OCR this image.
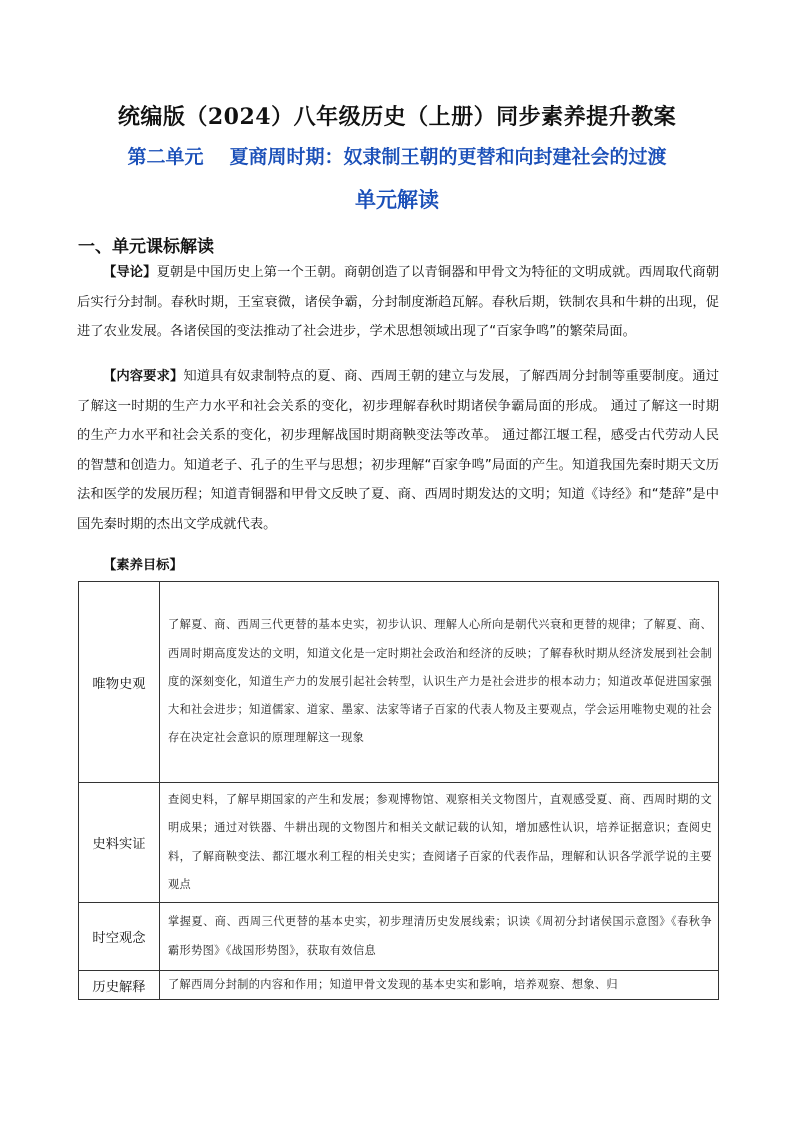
统编版（2024）八年级历史（上册）同步素养提升教案
第二单元 夏商周时期：奴隶制王朝的更替和向封建社会的过渡
单元解读
一、单元课标解读
【导论】夏朝是中国历史上第一个王朝。商朝创造了以青铜器和甲骨文为特征的文明成就。西周取代商朝后实行分封制。春秋时期，王室衰微，诸侯争霸，分封制度渐趋瓦解。春秋后期，铁制农具和牛耕的出现，促进了农业发展。各诸侯国的变法推动了社会进步，学术思想领域出现了“百家争鸣”的繁荣局面。
【内容要求】知道具有奴隶制特点的夏、商、西周王朝的建立与发展，了解西周分封制等重要制度。通过了解这一时期的生产力水平和社会关系的变化，初步理解春秋时期诸侯争霸局面的形成。 通过了解这一时期的生产力水平和社会关系的变化，初步理解战国时期商鞅变法等改革。 通过都江堰工程，感受古代劳动人民的智慧和创造力。知道老子、孔子的生平与思想；初步理解“百家争鸣”局面的产生。知道我国先秦时期天文历法和医学的发展历程；知道青铜器和甲骨文反映了夏、商、西周时期发达的文明；知道《诗经》和“楚辞”是中国先秦时期的杰出文学成就代表。
【素养目标】
唯物史观	了解夏、商、西周三代更替的基本史实，初步认识、理解人心所向是朝代兴衰和更替的规律；了解夏、商、西周时期高度发达的文明，知道文化是一定时期社会政治和经济的反映；了解春秋时期从经济发展到社会制度的深刻变化，知道生产力的发展引起社会转型，认识生产力是社会进步的根本动力；知道改革促进国家强大和社会进步；知道儒家、道家、墨家、法家等诸子百家的代表人物及主要观点，学会运用唯物史观的社会存在决定社会意识的原理理解这一现象
史料实证	查阅史料，了解早期国家的产生和发展；参观博物馆、观察相关文物图片，直观感受夏、商、西周时期的文明成果；通过对铁器、牛耕出现的文物图片和相关文献记载的认知，增加感性认识，培养证据意识；查阅史料，了解商鞅变法、都江堰水利工程的相关史实；查阅诸子百家的代表作品，理解和认识各学派学说的主要观点
时空观念	掌握夏、商、西周三代更替的基本史实，初步理清历史发展线索；识读《周初分封诸侯国示意图》《春秋争霸形势图》《战国形势图》，获取有效信息
历史解释	了解西周分封制的内容和作用；知道甲骨文发现的基本史实和影响，培养观察、想象、归
